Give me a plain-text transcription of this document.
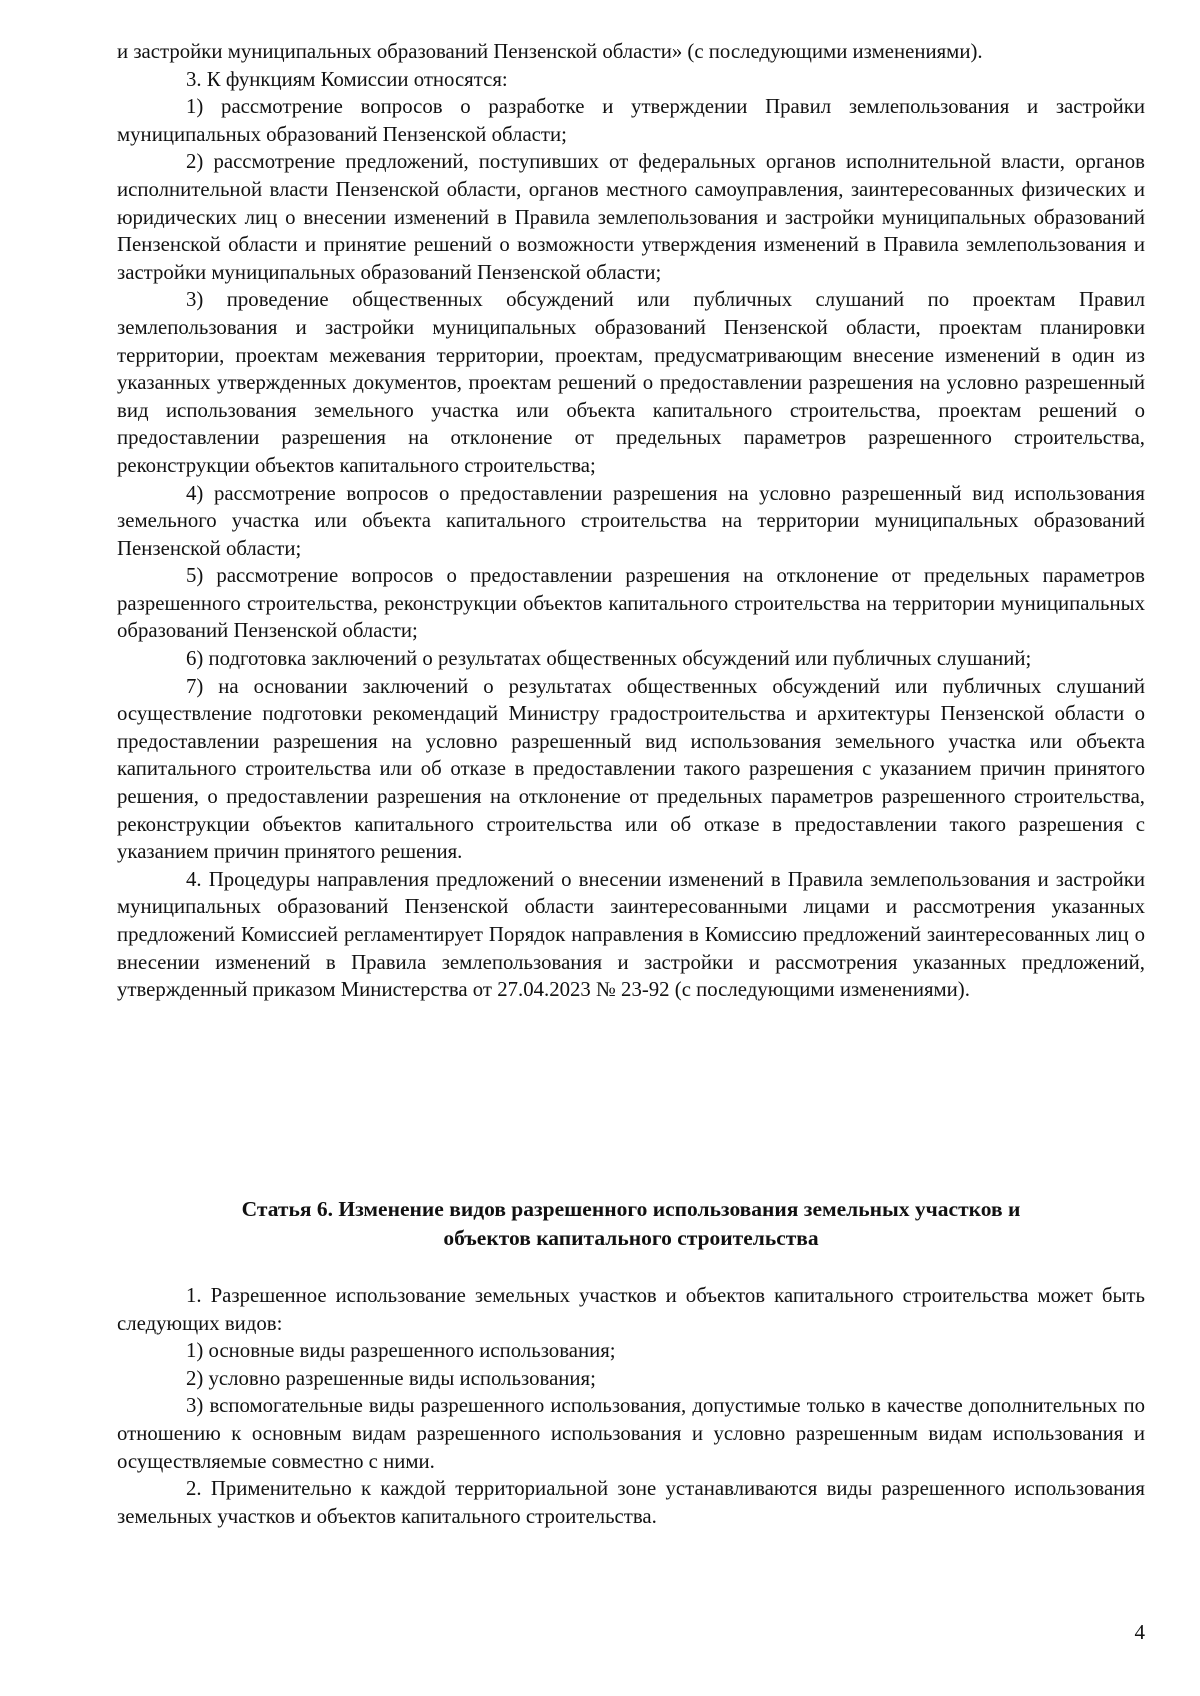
и застройки муниципальных образований Пензенской области» (с последующими изменениями).

3. К функциям Комиссии относятся:

1) рассмотрение вопросов о разработке и утверждении Правил землепользования и застройки муниципальных образований Пензенской области;

2) рассмотрение предложений, поступивших от федеральных органов исполнительной власти, органов исполнительной власти Пензенской области, органов местного самоуправления, заинтересованных физических и юридических лиц о внесении изменений в Правила землепользования и застройки муниципальных образований Пензенской области и принятие решений о возможности утверждения изменений в Правила землепользования и застройки муниципальных образований Пензенской области;

3) проведение общественных обсуждений или публичных слушаний по проектам Правил землепользования и застройки муниципальных образований Пензенской области, проектам планировки территории, проектам межевания территории, проектам, предусматривающим внесение изменений в один из указанных утвержденных документов, проектам решений о предоставлении разрешения на условно разрешенный вид использования земельного участка или объекта капитального строительства, проектам решений о предоставлении разрешения на отклонение от предельных параметров разрешенного строительства, реконструкции объектов капитального строительства;

4) рассмотрение вопросов о предоставлении разрешения на условно разрешенный вид использования земельного участка или объекта капитального строительства на территории муниципальных образований Пензенской области;

5) рассмотрение вопросов о предоставлении разрешения на отклонение от предельных параметров разрешенного строительства, реконструкции объектов капитального строительства на территории муниципальных образований Пензенской области;

6) подготовка заключений о результатах общественных обсуждений или публичных слушаний;

7) на основании заключений о результатах общественных обсуждений или публичных слушаний осуществление подготовки рекомендаций Министру градостроительства и архитектуры Пензенской области о предоставлении разрешения на условно разрешенный вид использования земельного участка или объекта капитального строительства или об отказе в предоставлении такого разрешения с указанием причин принятого решения, о предоставлении разрешения на отклонение от предельных параметров разрешенного строительства, реконструкции объектов капитального строительства или об отказе в предоставлении такого разрешения с указанием причин принятого решения.

4. Процедуры направления предложений о внесении изменений в Правила землепользования и застройки муниципальных образований Пензенской области заинтересованными лицами и рассмотрения указанных предложений Комиссией регламентирует Порядок направления в Комиссию предложений заинтересованных лиц о внесении изменений в Правила землепользования и застройки и рассмотрения указанных предложений, утвержденный приказом Министерства от 27.04.2023 № 23-92 (с последующими изменениями).

Статья 6. Изменение видов разрешенного использования земельных участков и
объектов капитального строительства

1. Разрешенное использование земельных участков и объектов капитального строительства может быть следующих видов:

1) основные виды разрешенного использования;

2) условно разрешенные виды использования;

3) вспомогательные виды разрешенного использования, допустимые только в качестве дополнительных по отношению к основным видам разрешенного использования и условно разрешенным видам использования и осуществляемые совместно с ними.

2. Применительно к каждой территориальной зоне устанавливаются виды разрешенного использования земельных участков и объектов капитального строительства.

4
